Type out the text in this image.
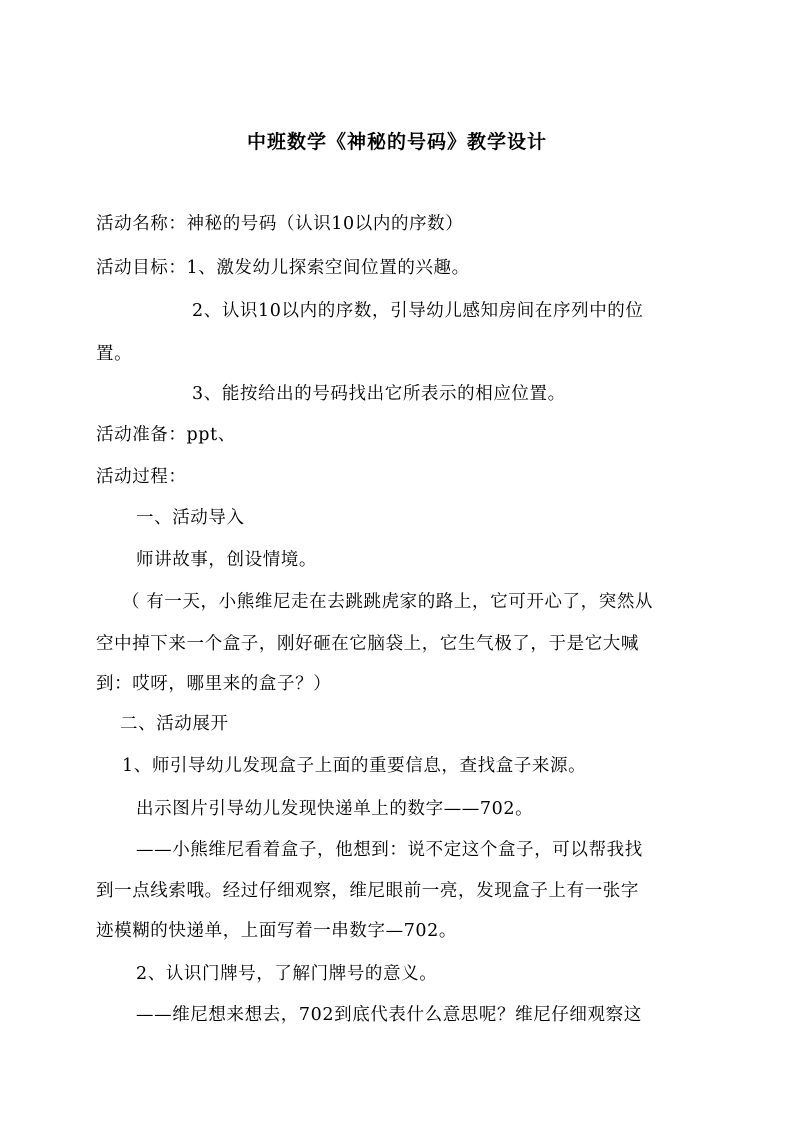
中班数学《神秘的号码》教学设计
活动名称：神秘的号码（认识10以内的序数）
活动目标：1、激发幼儿探索空间位置的兴趣。
2、认识10以内的序数，引导幼儿感知房间在序列中的位
置。
3、能按给出的号码找出它所表示的相应位置。
活动准备：ppt、
活动过程：
一、活动导入
师讲故事，创设情境。
（ 有一天，小熊维尼走在去跳跳虎家的路上，它可开心了，突然从
空中掉下来一个盒子，刚好砸在它脑袋上，它生气极了，于是它大喊
到：哎呀，哪里来的盒子？）
二、活动展开
1、师引导幼儿发现盒子上面的重要信息，查找盒子来源。
出示图片引导幼儿发现快递单上的数字——702。
——小熊维尼看着盒子，他想到：说不定这个盒子，可以帮我找
到一点线索哦。经过仔细观察，维尼眼前一亮，发现盒子上有一张字
迹模糊的快递单，上面写着一串数字—702。
2、认识门牌号，了解门牌号的意义。
——维尼想来想去，702到底代表什么意思呢？维尼仔细观察这
